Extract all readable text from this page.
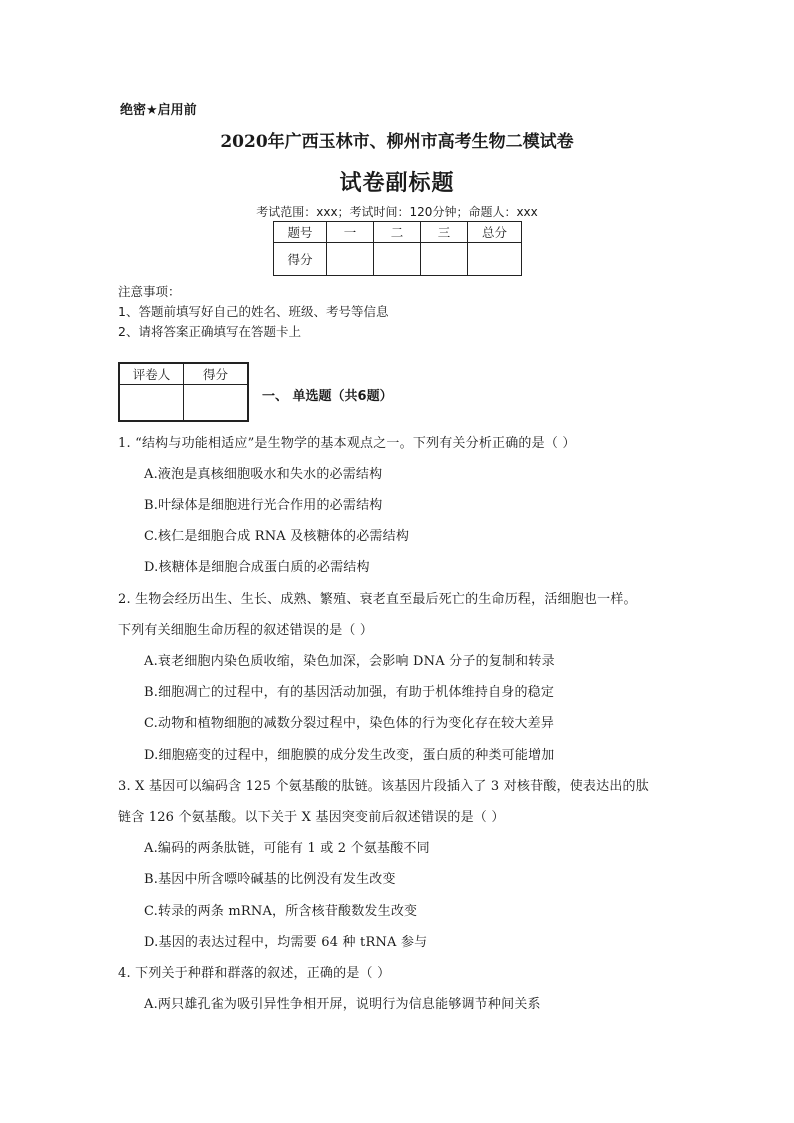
绝密★启用前
2020年广西玉林市、柳州市高考生物二模试卷
试卷副标题
考试范围：xxx；考试时间：120分钟；命题人：xxx
题号	一	二	三	总分
得分				
注意事项：
1、答题前填写好自己的姓名、班级、考号等信息
2、请将答案正确填写在答题卡上
评卷人	得分

一、 单选题（共6题）
1. “结构与功能相适应”是生物学的基本观点之一。下列有关分析正确的是（ ）
A.液泡是真核细胞吸水和失水的必需结构
B.叶绿体是细胞进行光合作用的必需结构
C.核仁是细胞合成 RNA 及核糖体的必需结构
D.核糖体是细胞合成蛋白质的必需结构
2. 生物会经历出生、生长、成熟、繁殖、衰老直至最后死亡的生命历程，活细胞也一样。
下列有关细胞生命历程的叙述错误的是（ ）
A.衰老细胞内染色质收缩，染色加深，会影响 DNA 分子的复制和转录
B.细胞凋亡的过程中，有的基因活动加强，有助于机体维持自身的稳定
C.动物和植物细胞的减数分裂过程中，染色体的行为变化存在较大差异
D.细胞癌变的过程中，细胞膜的成分发生改变，蛋白质的种类可能增加
3. X 基因可以编码含 125 个氨基酸的肽链。该基因片段插入了 3 对核苷酸，使表达出的肽
链含 126 个氨基酸。以下关于 X 基因突变前后叙述错误的是（ ）
A.编码的两条肽链，可能有 1 或 2 个氨基酸不同
B.基因中所含嘌呤碱基的比例没有发生改变
C.转录的两条 mRNA，所含核苷酸数发生改变
D.基因的表达过程中，均需要 64 种 tRNA 参与
4. 下列关于种群和群落的叙述，正确的是（ ）
A.两只雄孔雀为吸引异性争相开屏，说明行为信息能够调节种间关系
